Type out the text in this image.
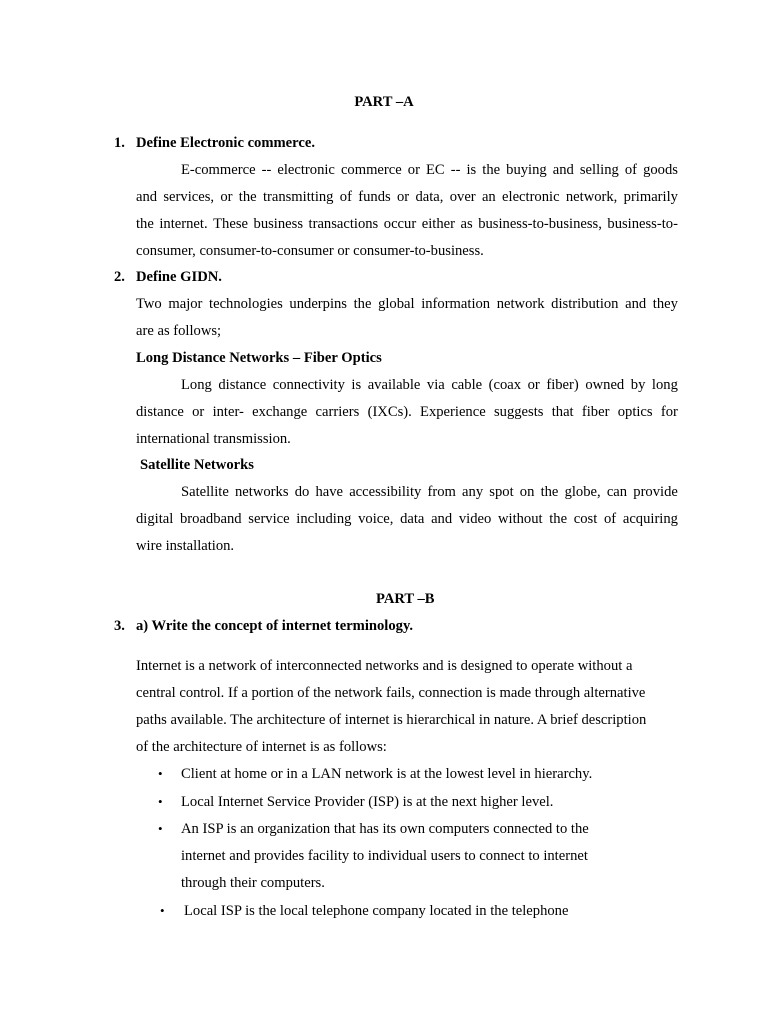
PART –A
1. Define Electronic commerce.
E-commerce -- electronic commerce or EC -- is the buying and selling of goods
and services, or the transmitting of funds or data, over an electronic network, primarily
the internet. These business transactions occur either as business-to-business, business-to-
consumer, consumer-to-consumer or consumer-to-business.
2. Define GIDN.
Two major technologies underpins the global information network distribution and they
are as follows;
Long Distance Networks – Fiber Optics
Long distance connectivity is available via cable (coax or fiber) owned by long
distance or inter- exchange carriers (IXCs). Experience suggests that fiber optics for
international transmission.
Satellite Networks
Satellite networks do have accessibility from any spot on the globe, can provide
digital broadband service including voice, data and video without the cost of acquiring
wire installation.
PART –B
3. a) Write the concept of internet terminology.
Internet is a network of interconnected networks and is designed to operate without a
central control. If a portion of the network fails, connection is made through alternative
paths available. The architecture of internet is hierarchical in nature. A brief description
of the architecture of internet is as follows:
• Client at home or in a LAN network is at the lowest level in hierarchy.
• Local Internet Service Provider (ISP) is at the next higher level.
• An ISP is an organization that has its own computers connected to the
internet and provides facility to individual users to connect to internet
through their computers.
• Local ISP is the local telephone company located in the telephone
